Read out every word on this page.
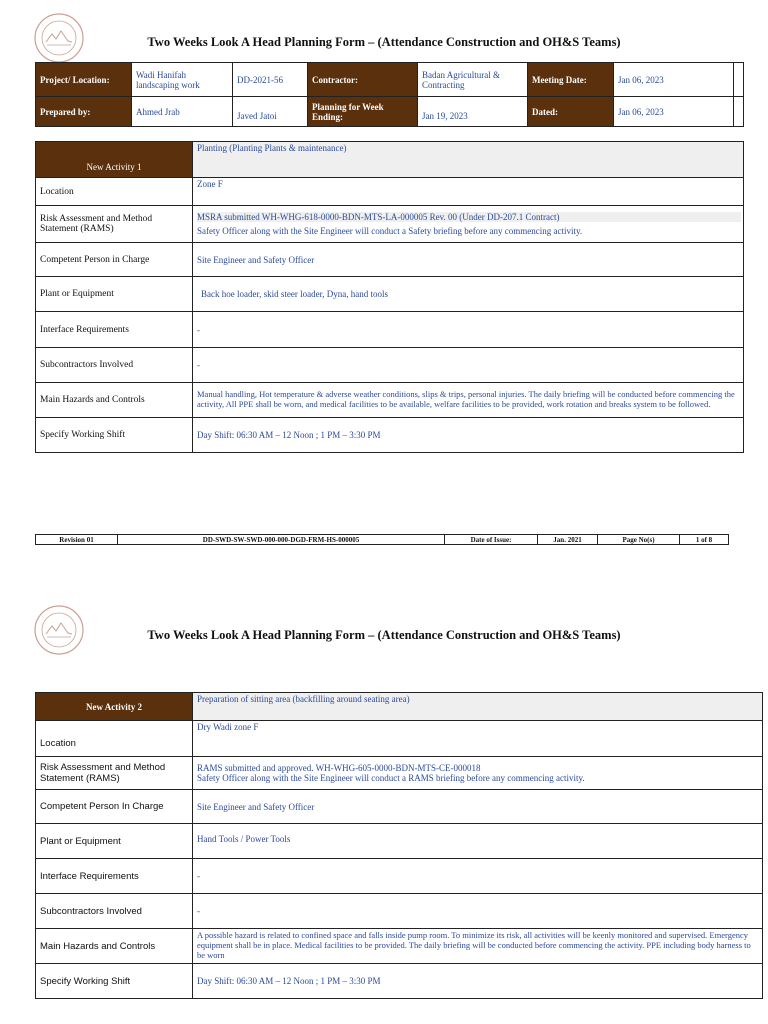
Two Weeks Look A Head Planning Form – (Attendance Construction and OH&S Teams)
Project/ Location:	Wadi Hanifah landscaping work	DD-2021-56	Contractor:	Badan Agricultural & Contracting	Meeting Date:	Jan 06, 2023	
Prepared by:	Ahmed Jrab	Javed Jatoi	Planning for Week Ending:	Jan 19, 2023	Dated:	Jan 06, 2023	
New Activity 1	Planting (Planting Plants & maintenance)
Location	Zone F
Risk Assessment and Method Statement (RAMS)	MSRA submitted WH-WHG-618-0000-BDN-MTS-LA-000005 Rev. 00 (Under DD-207.1 Contract)
Safety Officer along with the Site Engineer will conduct a Safety briefing before any commencing activity.

Competent Person in Charge	Site Engineer and Safety Officer
Plant or Equipment	Back hoe loader, skid steer loader, Dyna, hand tools
Interface Requirements	-
Subcontractors Involved	-
Main Hazards and Controls	Manual handling, Hot temperature & adverse weather conditions, slips & trips, personal injuries. The daily briefing will be conducted before commencing the activity, All PPE shall be worn, and medical facilities to be available, welfare facilities to be provided, work rotation and breaks system to be followed.
Specify Working Shift	Day Shift: 06:30 AM – 12 Noon ; 1 PM – 3:30 PM
Revision 01	DD-SWD-SW-SWD-000-000-DGD-FRM-HS-000005	Date of Issue:	Jan. 2021	Page No(s)	1 of 8
Two Weeks Look A Head Planning Form – (Attendance Construction and OH&S Teams)
New Activity 2	Preparation of sitting area (backfilling around seating area)
Location	Dry Wadi zone F
Risk Assessment and Method Statement (RAMS)	RAMS submitted and approved. WH-WHG-605-0000-BDN-MTS-CE-000018
Safety Officer along with the Site Engineer will conduct a RAMS briefing before any commencing activity.

Competent Person In Charge	Site Engineer and Safety Officer
Plant or Equipment	Hand Tools / Power Tools
Interface Requirements	-
Subcontractors Involved	-
Main Hazards and Controls	A possible hazard is related to confined space and falls inside pump room. To minimize its risk, all activities will be keenly monitored and supervised. Emergency equipment shall be in place. Medical facilities to be provided. The daily briefing will be conducted before commencing the activity. PPE including body harness to be worn
Specify Working Shift	Day Shift: 06:30 AM – 12 Noon ; 1 PM – 3:30 PM
